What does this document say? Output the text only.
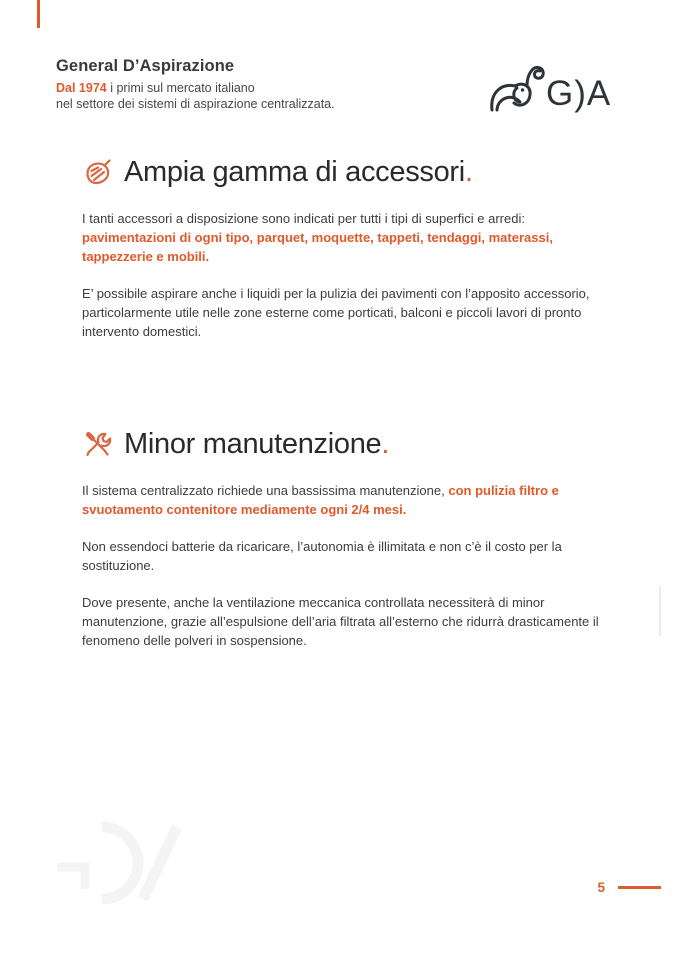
General D’Aspirazione
Dal 1974 i primi sul mercato italiano
nel settore dei sistemi di aspirazione centralizzata.	G)A
Ampia gamma di accessori.

I tanti accessori a disposizione sono indicati per tutti i tipi di superfici e arredi: pavimentazioni di ogni tipo, parquet, moquette, tappeti, tendaggi, materassi, tappezzerie e mobili.

E’ possibile aspirare anche i liquidi per la pulizia dei pavimenti con l’apposito accessorio, particolarmente utile nelle zone esterne come porticati, balconi e piccoli lavori di pronto intervento domestici.

Minor manutenzione.

Il sistema centralizzato richiede una bassissima manutenzione, con pulizia filtro e svuotamento contenitore mediamente ogni 2/4 mesi.

Non essendoci batterie da ricaricare, l’autonomia è illimitata e non c’è il costo per la sostituzione.

Dove presente, anche la ventilazione meccanica controllata necessiterà di minor manutenzione, grazie all’espulsione dell’aria filtrata all’esterno che ridurrà drasticamente il fenomeno delle polveri in sospensione.

5
